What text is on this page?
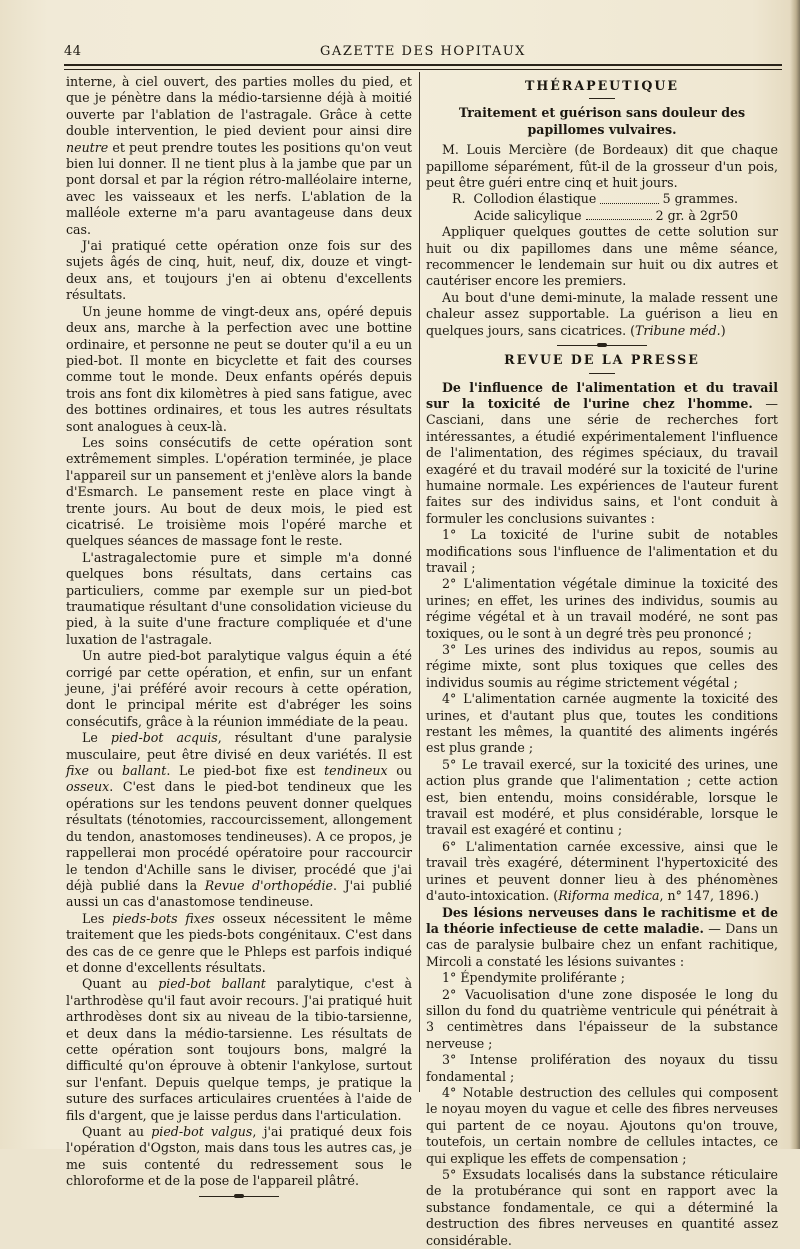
44	GAZETTE DES HOPITAUX

interne, à ciel ouvert, des parties molles du pied, et que je pénètre dans la médio-tarsienne déjà à moitié ouverte par l'ablation de l'astragale. Grâce à cette double intervention, le pied devient pour ainsi dire neutre et peut prendre toutes les positions qu'on veut bien lui donner. Il ne tient plus à la jambe que par un pont dorsal et par la région rétro-malléolaire interne, avec les vaisseaux et les nerfs. L'ablation de la malléole externe m'a paru avantageuse dans deux cas.

J'ai pratiqué cette opération onze fois sur des sujets âgés de cinq, huit, neuf, dix, douze et vingt-deux ans, et toujours j'en ai obtenu d'excellents résultats.

Un jeune homme de vingt-deux ans, opéré depuis deux ans, marche à la perfection avec une bottine ordinaire, et personne ne peut se douter qu'il a eu un pied-bot. Il monte en bicyclette et fait des courses comme tout le monde. Deux enfants opérés depuis trois ans font dix kilomètres à pied sans fatigue, avec des bottines ordinaires, et tous les autres résultats sont analogues à ceux-là.

Les soins consécutifs de cette opération sont extrêmement simples. L'opération terminée, je place l'appareil sur un pansement et j'enlève alors la bande d'Esmarch. Le pansement reste en place vingt à trente jours. Au bout de deux mois, le pied est cicatrisé. Le troisième mois l'opéré marche et quelques séances de massage font le reste.

L'astragalectomie pure et simple m'a donné quelques bons résultats, dans certains cas particuliers, comme par exemple sur un pied-bot traumatique résultant d'une consolidation vicieuse du pied, à la suite d'une fracture compliquée et d'une luxation de l'astragale.

Un autre pied-bot paralytique valgus équin a été corrigé par cette opération, et enfin, sur un enfant jeune, j'ai préféré avoir recours à cette opération, dont le principal mérite est d'abréger les soins consécutifs, grâce à la réunion immédiate de la peau.

Le pied-bot acquis, résultant d'une paralysie musculaire, peut être divisé en deux variétés. Il est fixe ou ballant. Le pied-bot fixe est tendineux ou osseux. C'est dans le pied-bot tendineux que les opérations sur les tendons peuvent donner quelques résultats (ténotomies, raccourcissement, allongement du tendon, anastomoses tendineuses). A ce propos, je rappellerai mon procédé opératoire pour raccourcir le tendon d'Achille sans le diviser, procédé que j'ai déjà publié dans la Revue d'orthopédie. J'ai publié aussi un cas d'anastomose tendineuse.

Les pieds-bots fixes osseux nécessitent le même traitement que les pieds-bots congénitaux. C'est dans des cas de ce genre que le Phleps est parfois indiqué et donne d'excellents résultats.

Quant au pied-bot ballant paralytique, c'est à l'arthrodèse qu'il faut avoir recours. J'ai pratiqué huit arthrodèses dont six au niveau de la tibio-tarsienne, et deux dans la médio-tarsienne. Les résultats de cette opération sont toujours bons, malgré la difficulté qu'on éprouve à obtenir l'ankylose, surtout sur l'enfant. Depuis quelque temps, je pratique la suture des surfaces articulaires cruentées à l'aide de fils d'argent, que je laisse perdus dans l'articulation.

Quant au pied-bot valgus, j'ai pratiqué deux fois l'opération d'Ogston, mais dans tous les autres cas, je me suis contenté du redressement sous le chloroforme et de la pose de l'appareil plâtré.

THÉRAPEUTIQUE
Traitement et guérison sans douleur des papillomes vulvaires.

M. Louis Mercière (de Bordeaux) dit que chaque papillome séparément, fût-il de la grosseur d'un pois, peut être guéri entre cinq et huit jours.

R. Collodion élastique	5 grammes.
Acide salicylique	2 gr. à 2gr50

Appliquer quelques gouttes de cette solution sur huit ou dix papillomes dans une même séance, recommencer le lendemain sur huit ou dix autres et cautériser encore les premiers.

Au bout d'une demi-minute, la malade ressent une chaleur assez supportable. La guérison a lieu en quelques jours, sans cicatrices. (Tribune méd.)

REVUE DE LA PRESSE

De l'influence de l'alimentation et du travail sur la toxicité de l'urine chez l'homme. — Casciani, dans une série de recherches fort intéressantes, a étudié expérimentalement l'influence de l'alimentation, des régimes spéciaux, du travail exagéré et du travail modéré sur la toxicité de l'urine humaine normale. Les expériences de l'auteur furent faites sur des individus sains, et l'ont conduit à formuler les conclusions suivantes :

1° La toxicité de l'urine subit de notables modifications sous l'influence de l'alimentation et du travail ;

2° L'alimentation végétale diminue la toxicité des urines; en effet, les urines des individus, soumis au régime végétal et à un travail modéré, ne sont pas toxiques, ou le sont à un degré très peu prononcé ;

3° Les urines des individus au repos, soumis au régime mixte, sont plus toxiques que celles des individus soumis au régime strictement végétal ;

4° L'alimentation carnée augmente la toxicité des urines, et d'autant plus que, toutes les conditions restant les mêmes, la quantité des aliments ingérés est plus grande ;

5° Le travail exercé, sur la toxicité des urines, une action plus grande que l'alimentation ; cette action est, bien entendu, moins considérable, lorsque le travail est modéré, et plus considérable, lorsque le travail est exagéré et continu ;

6° L'alimentation carnée excessive, ainsi que le travail très exagéré, déterminent l'hypertoxicité des urines et peuvent donner lieu à des phénomènes d'auto-intoxication. (Riforma medica, n° 147, 1896.)

Des lésions nerveuses dans le rachitisme et de la théorie infectieuse de cette maladie. — Dans un cas de paralysie bulbaire chez un enfant rachitique, Mircoli a constaté les lésions suivantes :

1° Épendymite proliférante ;

2° Vacuolisation d'une zone disposée le long du sillon du fond du quatrième ventricule qui pénétrait à 3 centimètres dans l'épaisseur de la substance nerveuse ;

3° Intense prolifération des noyaux du tissu fondamental ;

4° Notable destruction des cellules qui composent le noyau moyen du vague et celle des fibres nerveuses qui partent de ce noyau. Ajoutons qu'on trouve, toutefois, un certain nombre de cellules intactes, ce qui explique les effets de compensation ;

5° Exsudats localisés dans la substance réticulaire de la protubérance qui sont en rapport avec la substance fondamentale, ce qui a déterminé la destruction des fibres nerveuses en quantité assez considérable.
